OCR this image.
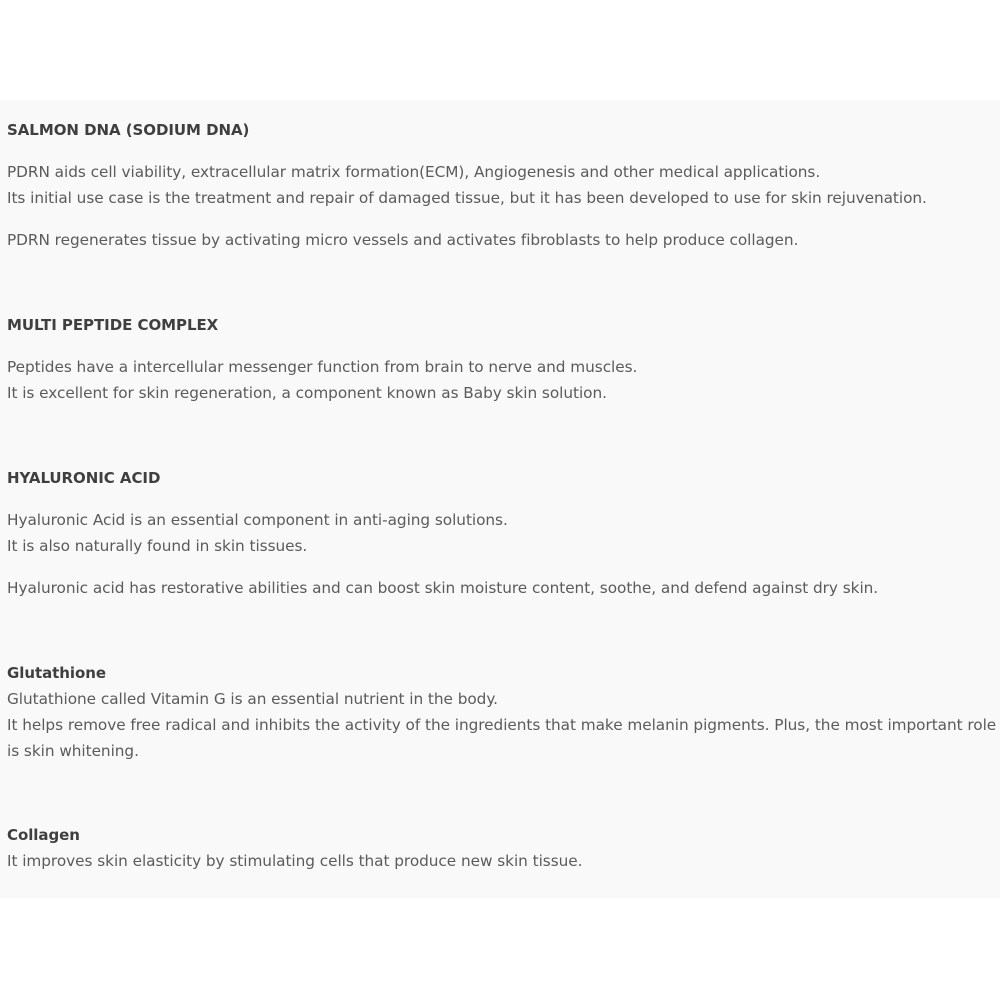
SALMON DNA (SODIUM DNA)

PDRN aids cell viability, extracellular matrix formation(ECM), Angiogenesis and other medical applications.

Its initial use case is the treatment and repair of damaged tissue, but it has been developed to use for skin rejuvenation.

PDRN regenerates tissue by activating micro vessels and activates fibroblasts to help produce collagen.

MULTI PEPTIDE COMPLEX

Peptides have a intercellular messenger function from brain to nerve and muscles.

It is excellent for skin regeneration, a component known as Baby skin solution.

HYALURONIC ACID

Hyaluronic Acid is an essential component in anti-aging solutions.

It is also naturally found in skin tissues.

Hyaluronic acid has restorative abilities and can boost skin moisture content, soothe, and defend against dry skin.

Glutathione

Glutathione called Vitamin G is an essential nutrient in the body.

It helps remove free radical and inhibits the activity of the ingredients that make melanin pigments. Plus, the most important role is skin whitening.

Collagen

It improves skin elasticity by stimulating cells that produce new skin tissue.
